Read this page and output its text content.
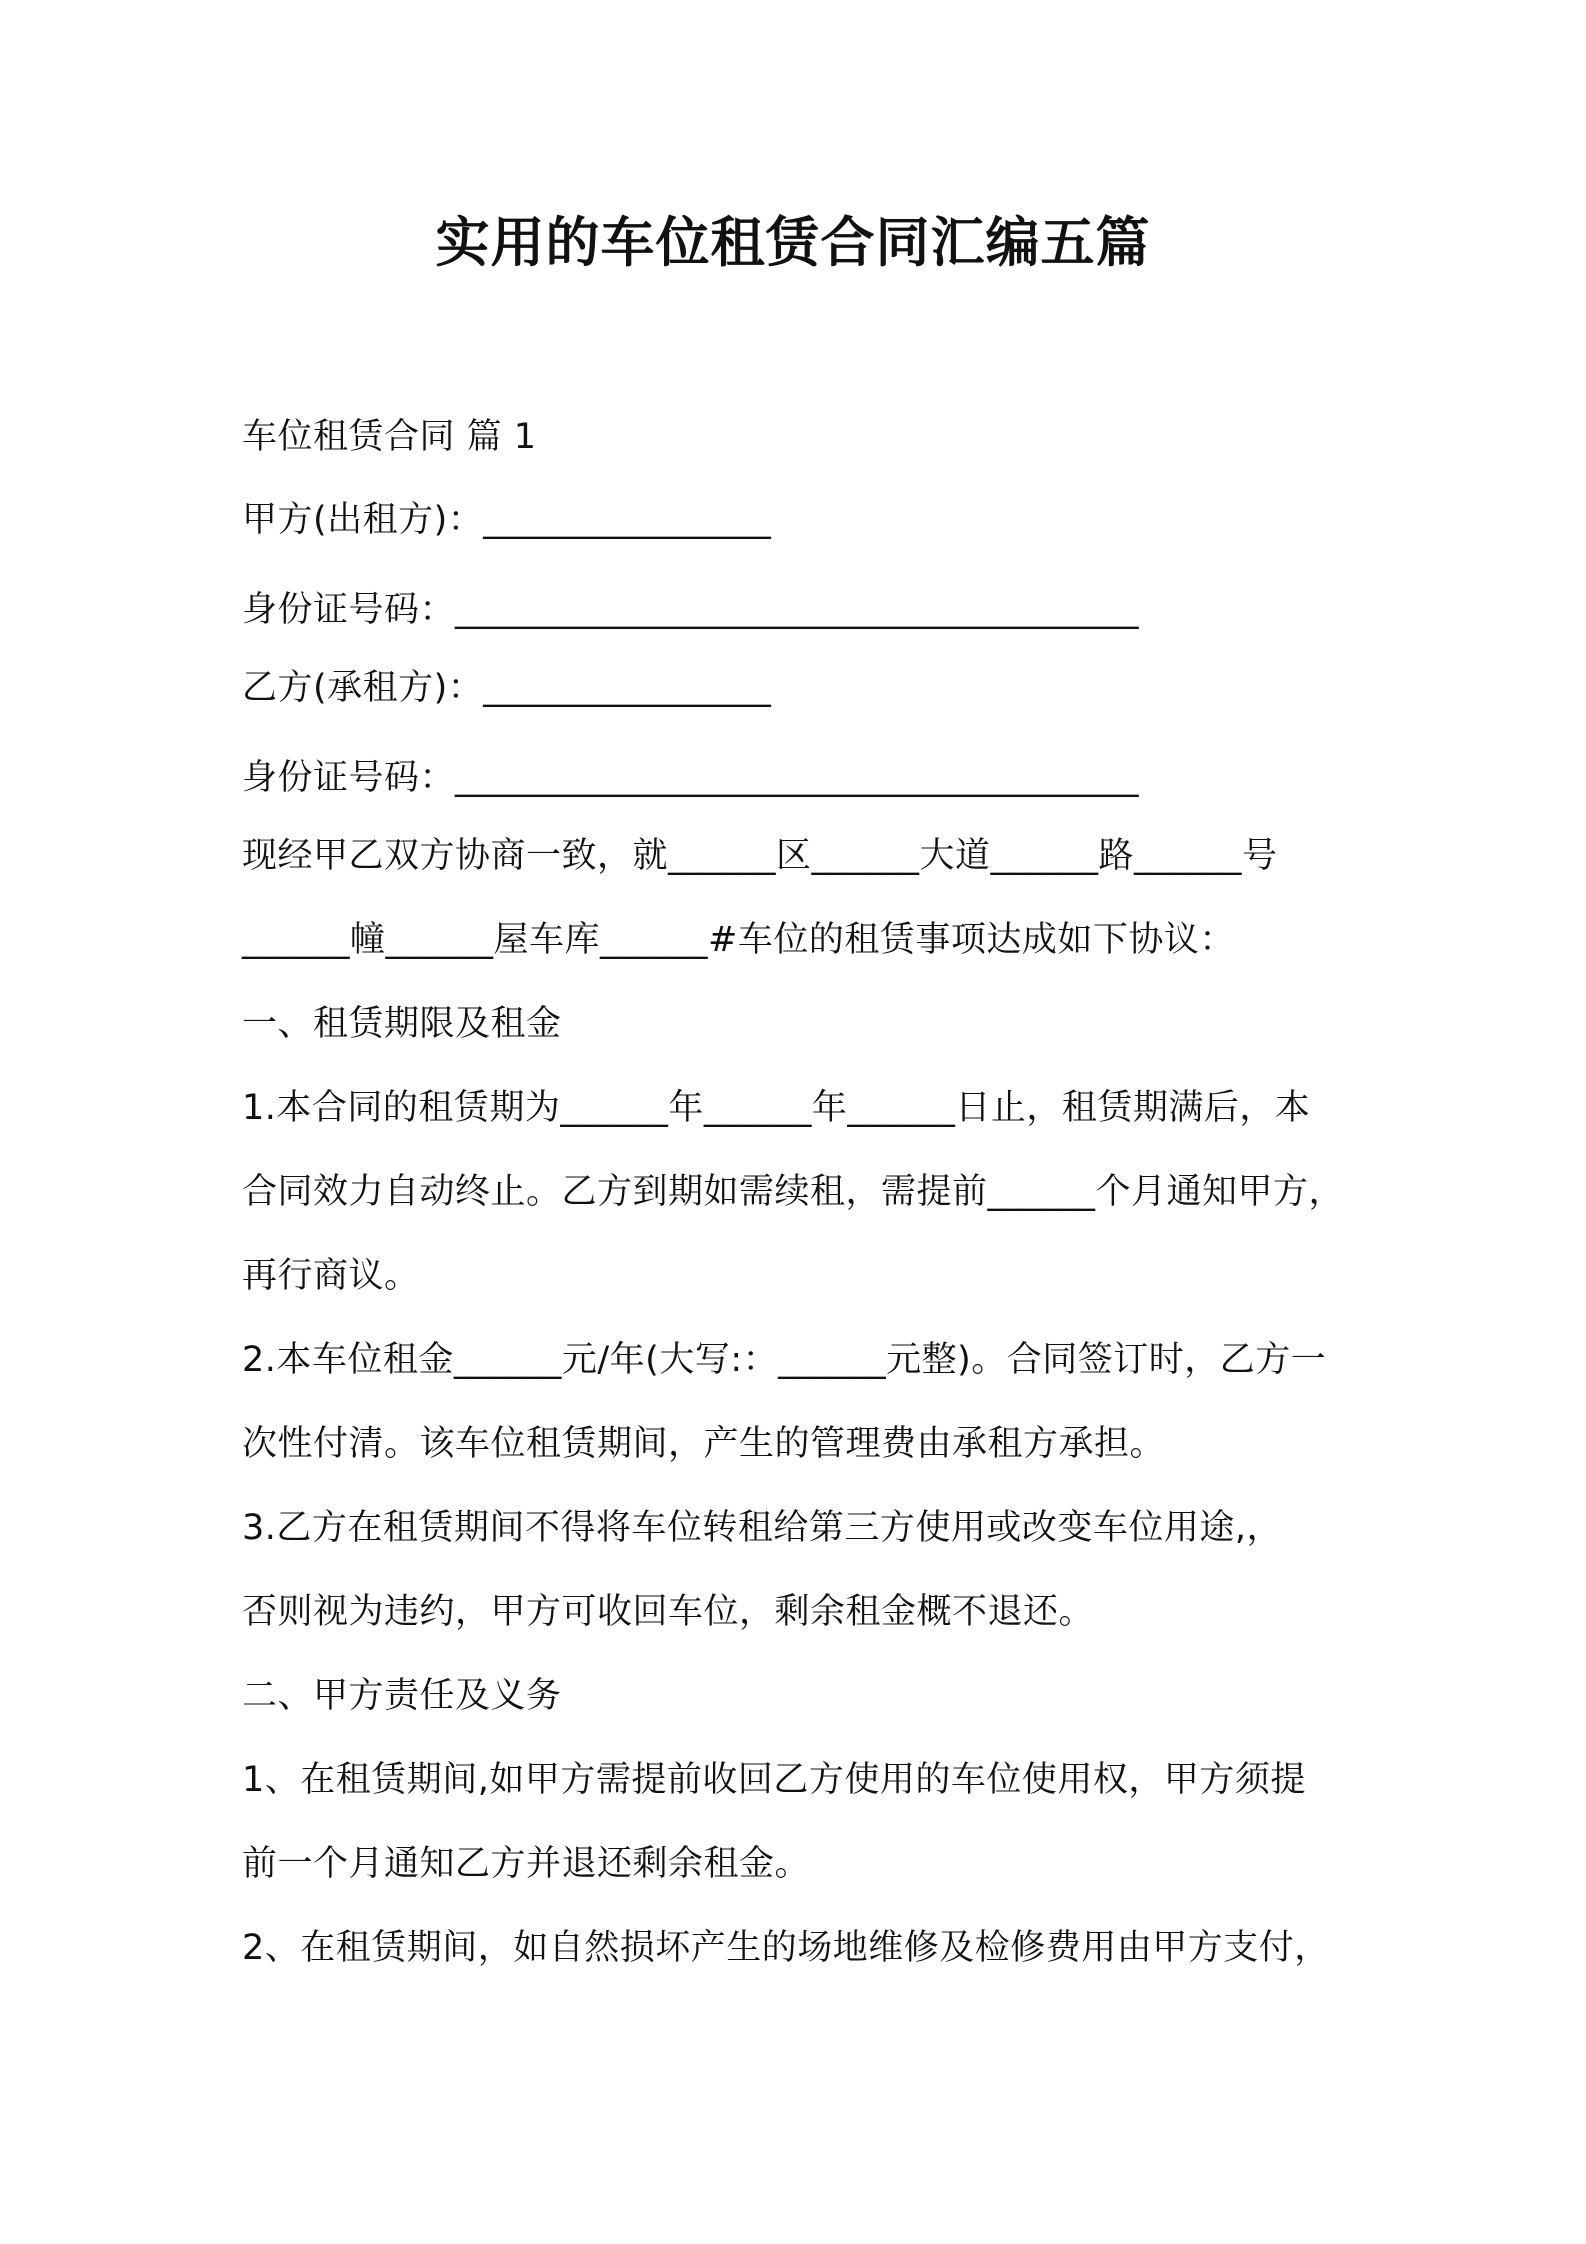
实用的车位租赁合同汇编五篇
车位租赁合同 篇 1
甲方(出租方)：________________
身份证号码：______________________________________
乙方(承租方)：________________
身份证号码：______________________________________
现经甲乙双方协商一致，就______区______大道______路______号
______幢______屋车库______#车位的租赁事项达成如下协议：
一、租赁期限及租金
1.本合同的租赁期为______年______年______日止，租赁期满后，本
合同效力自动终止。乙方到期如需续租，需提前______个月通知甲方，
再行商议。
2.本车位租金______元/年(大写:：______元整)。合同签订时，乙方一
次性付清。该车位租赁期间，产生的管理费由承租方承担。
3.乙方在租赁期间不得将车位转租给第三方使用或改变车位用途,，
否则视为违约，甲方可收回车位，剩余租金概不退还。
二、甲方责任及义务
1、在租赁期间,如甲方需提前收回乙方使用的车位使用权，甲方须提
前一个月通知乙方并退还剩余租金。
2、在租赁期间，如自然损坏产生的场地维修及检修费用由甲方支付，
